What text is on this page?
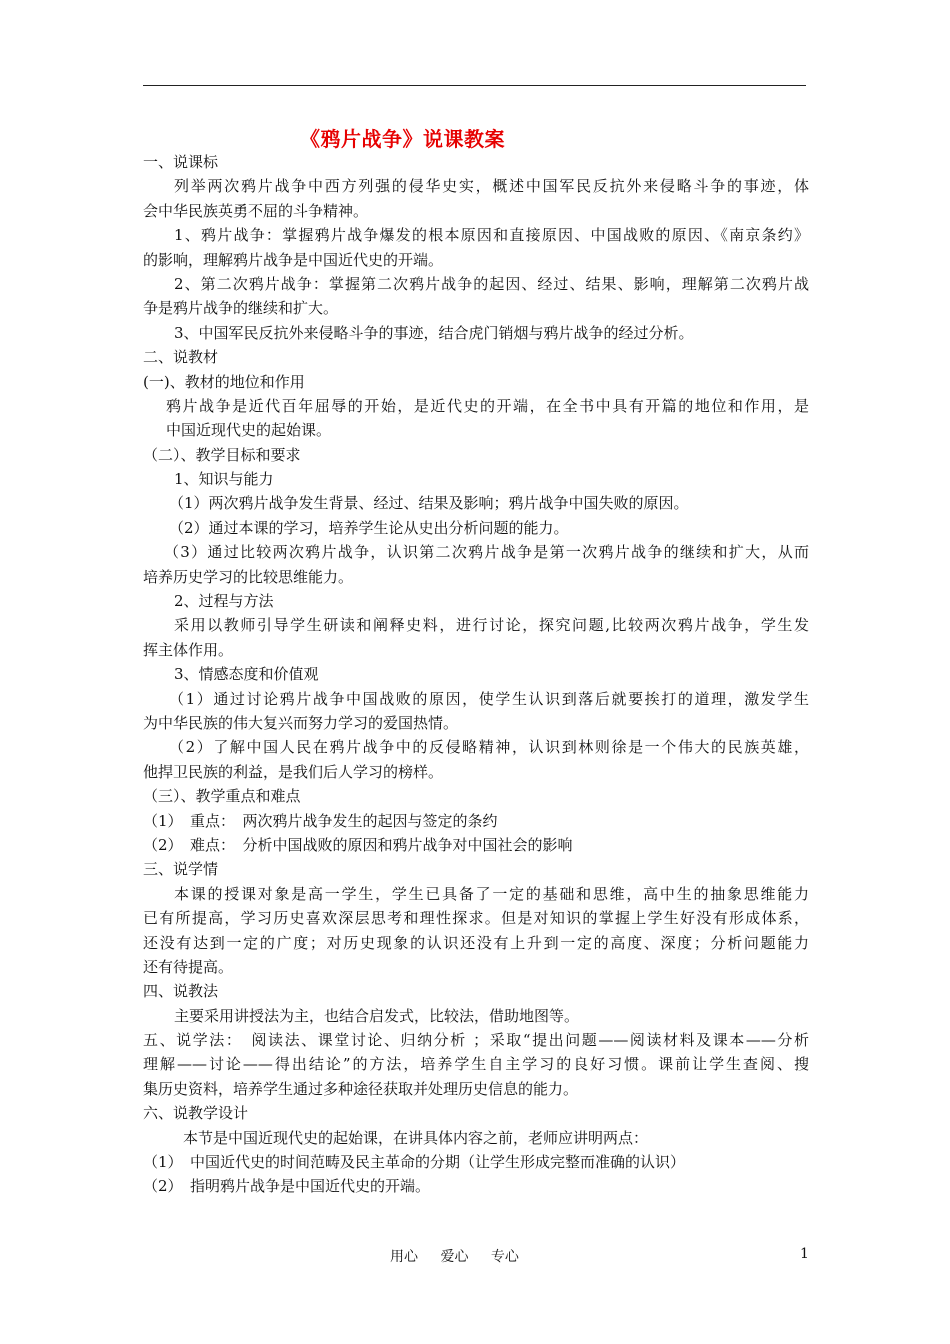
《鸦片战争》说课教案
一、说课标
列举两次鸦片战争中西方列强的侵华史实，概述中国军民反抗外来侵略斗争的事迹，体
会中华民族英勇不屈的斗争精神。
1、鸦片战争：掌握鸦片战争爆发的根本原因和直接原因、中国战败的原因、《南京条约》
的影响，理解鸦片战争是中国近代史的开端。
2、第二次鸦片战争：掌握第二次鸦片战争的起因、经过、结果、影响，理解第二次鸦片战
争是鸦片战争的继续和扩大。
3、中国军民反抗外来侵略斗争的事迹，结合虎门销烟与鸦片战争的经过分析。
二、说教材
(一)、教材的地位和作用
鸦片战争是近代百年屈辱的开始，是近代史的开端，在全书中具有开篇的地位和作用，是
中国近现代史的起始课。
（二）、教学目标和要求
1、知识与能力
（1）两次鸦片战争发生背景、经过、结果及影响；鸦片战争中国失败的原因。
（2）通过本课的学习，培养学生论从史出分析问题的能力。
（3）通过比较两次鸦片战争，认识第二次鸦片战争是第一次鸦片战争的继续和扩大，从而
培养历史学习的比较思维能力。
2、过程与方法
采用以教师引导学生研读和阐释史料，进行讨论，探究问题,比较两次鸦片战争，学生发
挥主体作用。
3、情感态度和价值观
（1）通过讨论鸦片战争中国战败的原因，使学生认识到落后就要挨打的道理，激发学生
为中华民族的伟大复兴而努力学习的爱国热情。
（2）了解中国人民在鸦片战争中的反侵略精神，认识到林则徐是一个伟大的民族英雄，
他捍卫民族的利益，是我们后人学习的榜样。
（三）、教学重点和难点
（1）　重点：　两次鸦片战争发生的起因与签定的条约
（2）　难点：　分析中国战败的原因和鸦片战争对中国社会的影响
三、说学情
本课的授课对象是高一学生，学生已具备了一定的基础和思维，高中生的抽象思维能力
已有所提高，学习历史喜欢深层思考和理性探求。但是对知识的掌握上学生好没有形成体系，
还没有达到一定的广度；对历史现象的认识还没有上升到一定的高度、深度；分析问题能力
还有待提高。
四、说教法
主要采用讲授法为主，也结合启发式，比较法，借助地图等。
五、说学法：　阅读法、课堂讨论、归纳分析 ；采取“提出问题——阅读材料及课本——分析
理解——讨论——得出结论”的方法，培养学生自主学习的良好习惯。课前让学生查阅、搜
集历史资料，培养学生通过多种途径获取并处理历史信息的能力。
六、说教学设计
本节是中国近现代史的起始课，在讲具体内容之前，老师应讲明两点：
（1）　中国近代史的时间范畴及民主革命的分期（让学生形成完整而准确的认识）
（2）　指明鸦片战争是中国近代史的开端。
用心 爱心 专心	1
